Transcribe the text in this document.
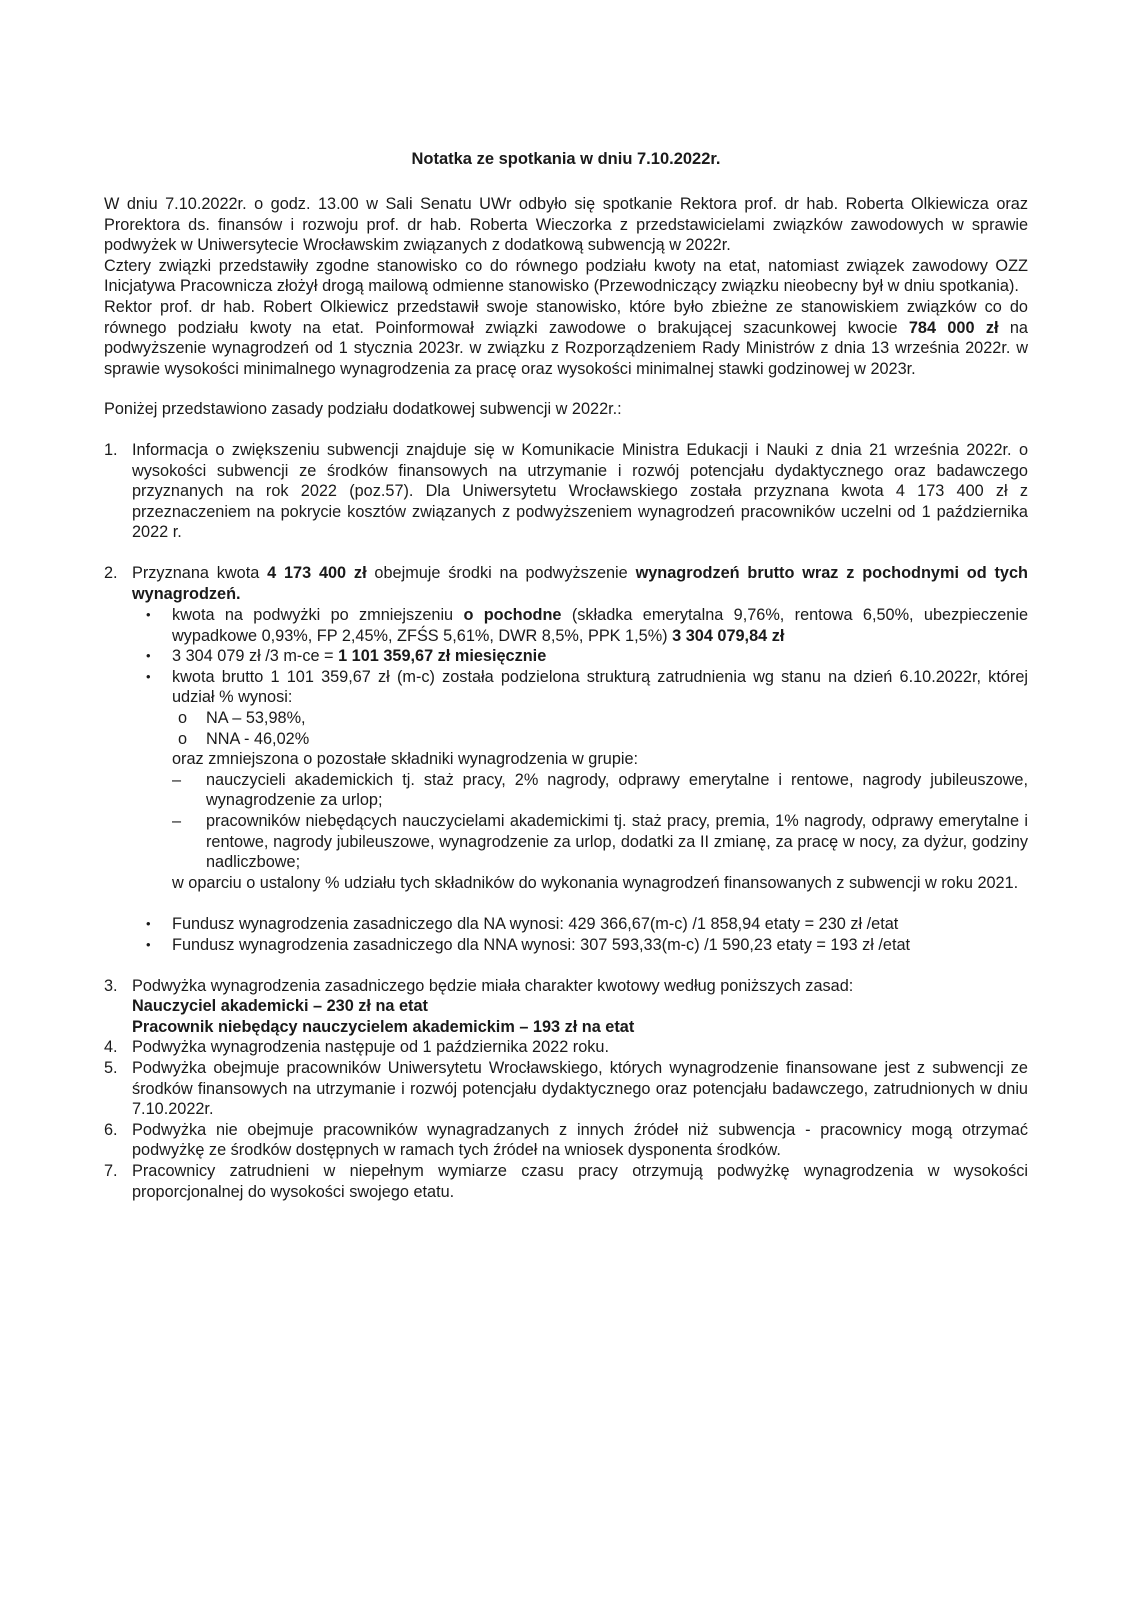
Notatka ze spotkania w dniu 7.10.2022r.

W dniu 7.10.2022r. o godz. 13.00 w Sali Senatu UWr odbyło się spotkanie Rektora prof. dr hab. Roberta Olkiewicza oraz Prorektora ds. finansów i rozwoju prof. dr hab. Roberta Wieczorka z przedstawicielami związków zawodowych w sprawie podwyżek w Uniwersytecie Wrocławskim związanych z dodatkową subwencją w 2022r.

Cztery związki przedstawiły zgodne stanowisko co do równego podziału kwoty na etat, natomiast związek zawodowy OZZ Inicjatywa Pracownicza złożył drogą mailową odmienne stanowisko (Przewodniczący związku nieobecny był w dniu spotkania).

Rektor prof. dr hab. Robert Olkiewicz przedstawił swoje stanowisko, które było zbieżne ze stanowiskiem związków co do równego podziału kwoty na etat. Poinformował związki zawodowe o brakującej szacunkowej kwocie 784 000 zł na podwyższenie wynagrodzeń od 1 stycznia 2023r. w związku z Rozporządzeniem Rady Ministrów z dnia 13 września 2022r. w sprawie wysokości minimalnego wynagrodzenia za pracę oraz wysokości minimalnej stawki godzinowej w 2023r.

Poniżej przedstawiono zasady podziału dodatkowej subwencji w 2022r.:

1. Informacja o zwiększeniu subwencji znajduje się w Komunikacie Ministra Edukacji i Nauki z dnia 21 września 2022r. o wysokości subwencji ze środków finansowych na utrzymanie i rozwój potencjału dydaktycznego oraz badawczego przyznanych na rok 2022 (poz.57). Dla Uniwersytetu Wrocławskiego została przyznana kwota 4 173 400 zł z przeznaczeniem na pokrycie kosztów związanych z podwyższeniem wynagrodzeń pracowników uczelni od 1 października 2022 r.
2. Przyznana kwota 4 173 400 zł obejmuje środki na podwyższenie wynagrodzeń brutto wraz z pochodnymi od tych wynagrodzeń.
• kwota na podwyżki po zmniejszeniu o pochodne (składka emerytalna 9,76%, rentowa 6,50%, ubezpieczenie wypadkowe 0,93%, FP 2,45%, ZFŚS 5,61%, DWR 8,5%, PPK 1,5%) 3 304 079,84 zł
• 3 304 079 zł /3 m-ce = 1 101 359,67 zł miesięcznie
• kwota brutto 1 101 359,67 zł (m-c) została podzielona strukturą zatrudnienia wg stanu na dzień 6.10.2022r, której udział % wynosi:
o NA – 53,98%,
o NNA - 46,02%
oraz zmniejszona o pozostałe składniki wynagrodzenia w grupie:
– nauczycieli akademickich tj. staż pracy, 2% nagrody, odprawy emerytalne i rentowe, nagrody jubileuszowe, wynagrodzenie za urlop;
– pracowników niebędących nauczycielami akademickimi tj. staż pracy, premia, 1% nagrody, odprawy emerytalne i rentowe, nagrody jubileuszowe, wynagrodzenie za urlop, dodatki za II zmianę, za pracę w nocy, za dyżur, godziny nadliczbowe;
w oparciu o ustalony % udziału tych składników do wykonania wynagrodzeń finansowanych z subwencji w roku 2021.
• Fundusz wynagrodzenia zasadniczego dla NA wynosi: 429 366,67(m-c) /1 858,94 etaty = 230 zł /etat
• Fundusz wynagrodzenia zasadniczego dla NNA wynosi: 307 593,33(m-c) /1 590,23 etaty = 193 zł /etat
3. Podwyżka wynagrodzenia zasadniczego będzie miała charakter kwotowy według poniższych zasad:
Nauczyciel akademicki – 230 zł na etat
Pracownik niebędący nauczycielem akademickim – 193 zł na etat
4. Podwyżka wynagrodzenia następuje od 1 października 2022 roku.
5. Podwyżka obejmuje pracowników Uniwersytetu Wrocławskiego, których wynagrodzenie finansowane jest z subwencji ze środków finansowych na utrzymanie i rozwój potencjału dydaktycznego oraz potencjału badawczego, zatrudnionych w dniu 7.10.2022r.
6. Podwyżka nie obejmuje pracowników wynagradzanych z innych źródeł niż subwencja - pracownicy mogą otrzymać podwyżkę ze środków dostępnych w ramach tych źródeł na wniosek dysponenta środków.
7. Pracownicy zatrudnieni w niepełnym wymiarze czasu pracy otrzymują podwyżkę wynagrodzenia w wysokości proporcjonalnej do wysokości swojego etatu.
